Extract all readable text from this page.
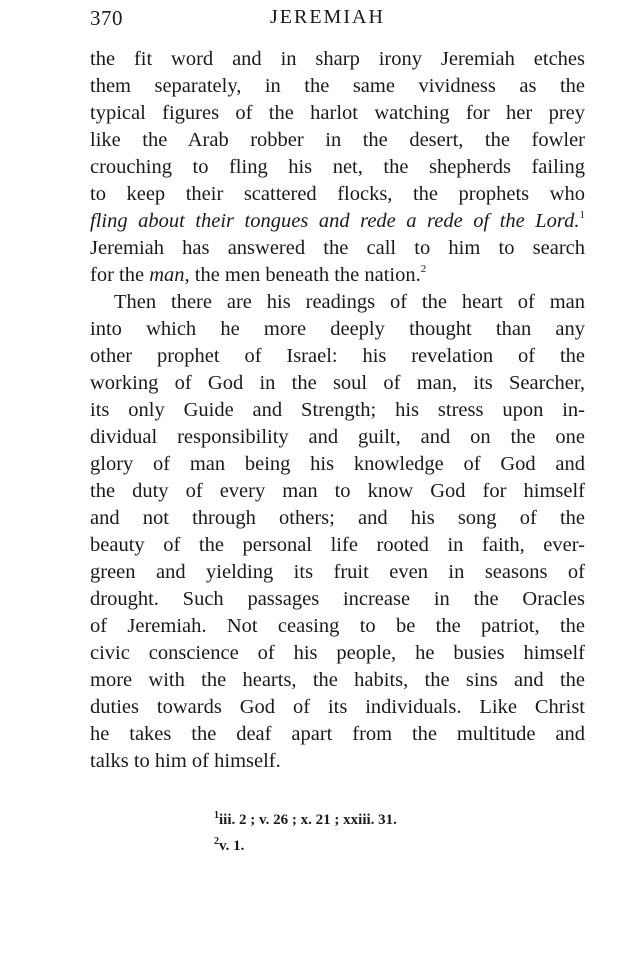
370	JEREMIAH
the fit word and in sharp irony Jeremiah etches
them separately, in the same vividness as the
typical figures of the harlot watching for her prey
like the Arab robber in the desert, the fowler
crouching to fling his net, the shepherds failing
to keep their scattered flocks, the prophets who
fling about their tongues and rede a rede of the Lord.$^1$
Jeremiah has answered the call to him to search
for the man, the men beneath the nation.$^2$
Then there are his readings of the heart of man
into which he more deeply thought than any
other prophet of Israel: his revelation of the
working of God in the soul of man, its Searcher,
its only Guide and Strength; his stress upon in-
dividual responsibility and guilt, and on the one
glory of man being his knowledge of God and
the duty of every man to know God for himself
and not through others; and his song of the
beauty of the personal life rooted in faith, ever-
green and yielding its fruit even in seasons of
drought. Such passages increase in the Oracles
of Jeremiah. Not ceasing to be the patriot, the
civic conscience of his people, he busies himself
more with the hearts, the habits, the sins and the
duties towards God of its individuals. Like Christ
he takes the deaf apart from the multitude and
talks to him of himself.
$^1$iii. 2 ; v. 26 ; x. 21 ; xxiii. 31.
$^2$v. 1.
